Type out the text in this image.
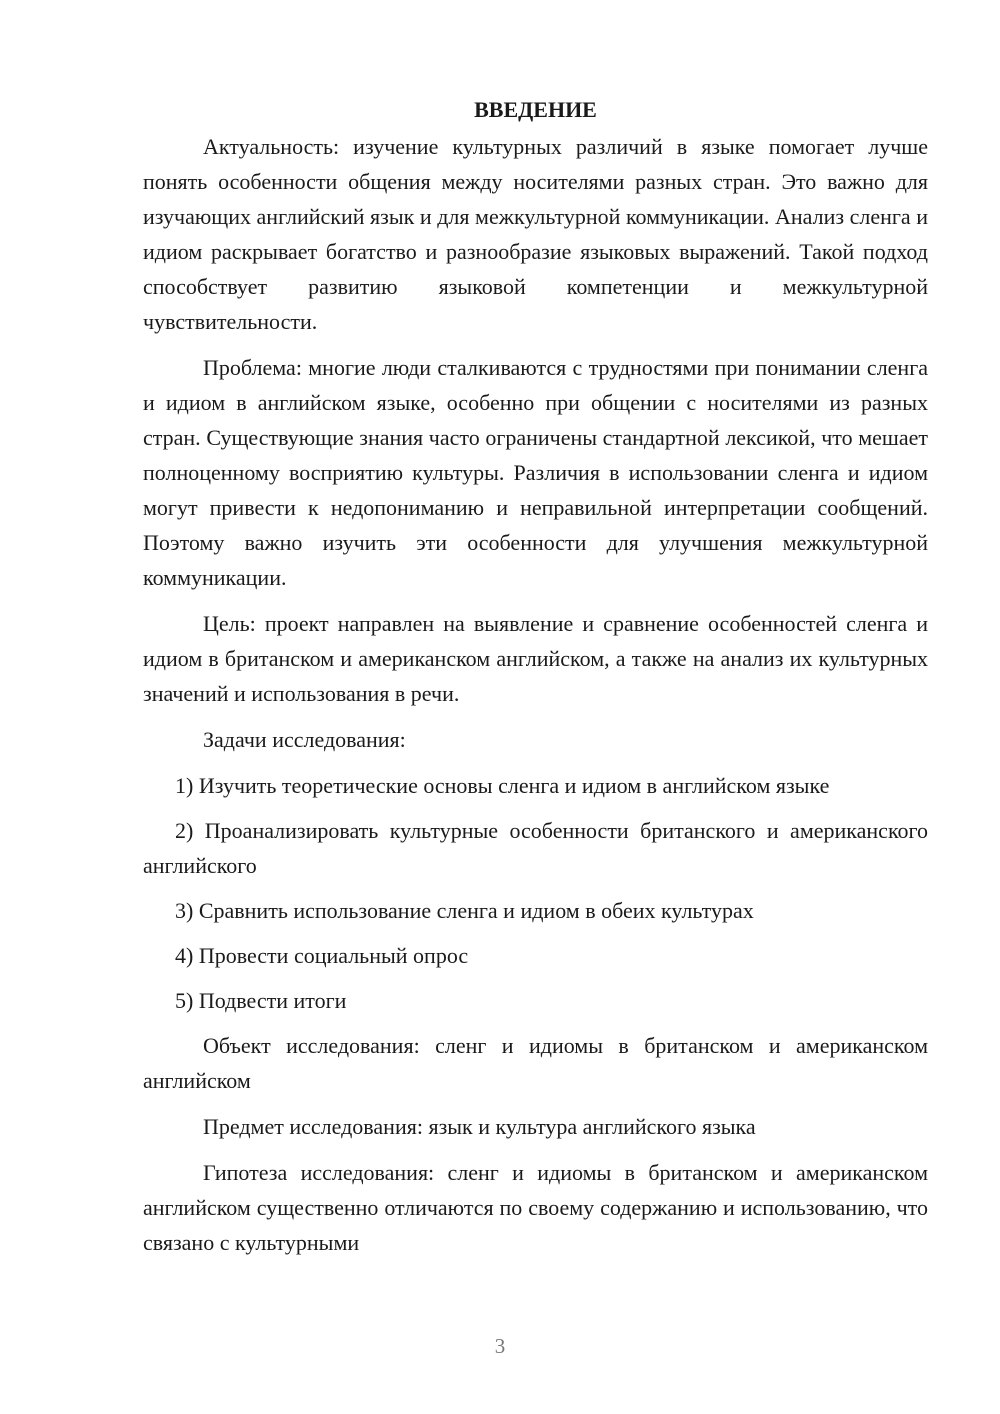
ВВЕДЕНИЕ

Актуальность: изучение культурных различий в языке помогает лучше понять особенности общения между носителями разных стран. Это важно для изучающих английский язык и для межкультурной коммуникации. Анализ сленга и идиом раскрывает богатство и разнообразие языковых выражений. Такой подход способствует развитию языковой компетенции и межкультурной чувствительности.

Проблема: многие люди сталкиваются с трудностями при понимании сленга и идиом в английском языке, особенно при общении с носителями из разных стран. Существующие знания часто ограничены стандартной лексикой, что мешает полноценному восприятию культуры. Различия в использовании сленга и идиом могут привести к недопониманию и неправильной интерпретации сообщений. Поэтому важно изучить эти особенности для улучшения межкультурной коммуникации.

Цель: проект направлен на выявление и сравнение особенностей сленга и идиом в британском и американском английском, а также на анализ их культурных значений и использования в речи.

Задачи исследования:

1) Изучить теоретические основы сленга и идиом в английском языке

2) Проанализировать культурные особенности британского и американского английского

3) Сравнить использование сленга и идиом в обеих культурах

4) Провести социальный опрос

5) Подвести итоги

Объект исследования: сленг и идиомы в британском и американском английском

Предмет исследования: язык и культура английского языка

Гипотеза исследования: сленг и идиомы в британском и американском английском существенно отличаются по своему содержанию и использованию, что связано с культурными

3
